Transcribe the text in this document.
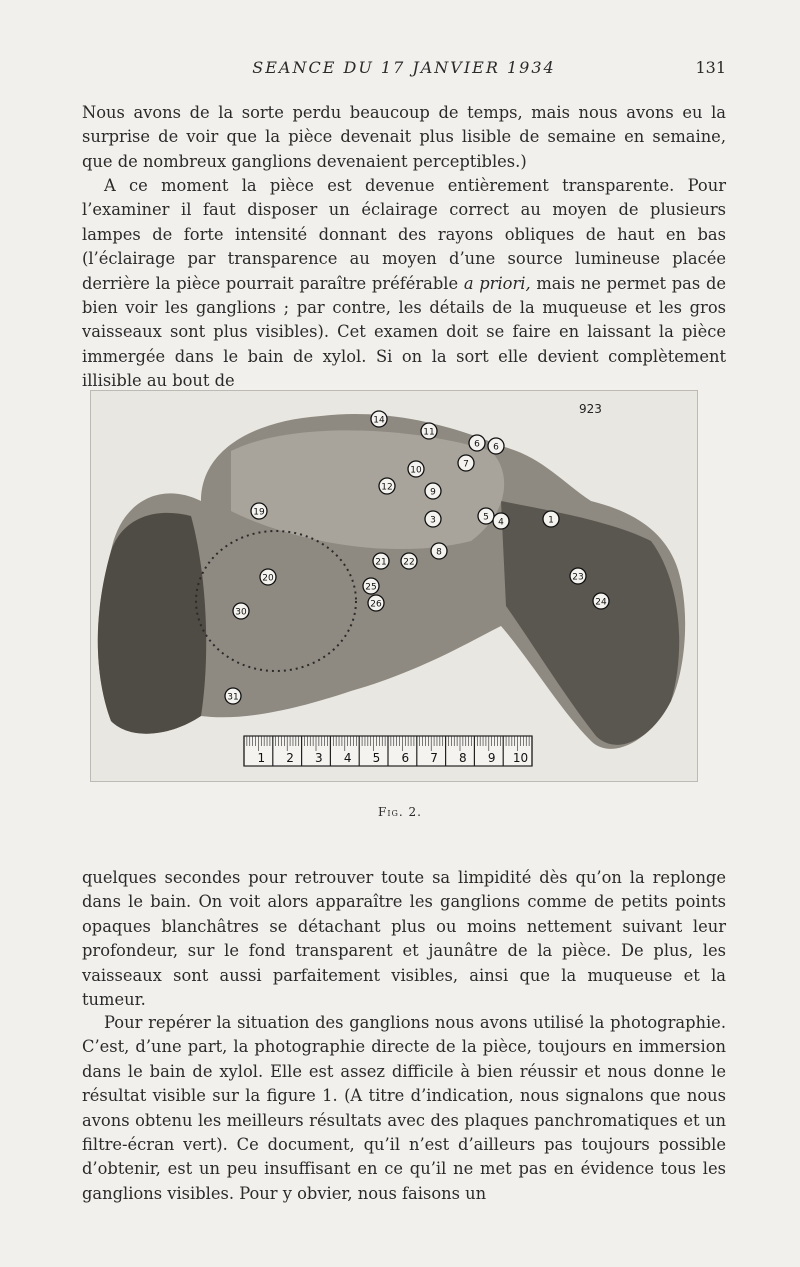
SEANCE DU 17 JANVIER 1934	131

Nous avons de la sorte perdu beaucoup de temps, mais nous avons eu la surprise de voir que la pièce devenait plus lisible de semaine en semaine, que de nombreux ganglions devenaient perceptibles.)

A ce moment la pièce est devenue entièrement transparente. Pour l’examiner il faut disposer un éclairage correct au moyen de plusieurs lampes de forte intensité donnant des rayons obliques de haut en bas (l’éclairage par transparence au moyen d’une source lumineuse placée derrière la pièce pourrait paraître préférable a priori, mais ne permet pas de bien voir les ganglions ; par contre, les détails de la muqueuse et les gros vaisseaux sont plus visibles). Cet examen doit se faire en laissant la pièce immergée dans le bain de xylol. Si on la sort elle devient complètement illisible au bout de

1 2 3 4 5 6 7 8 9 10
923
14
11
6 6
7
10
9
12
8
5
3	1
4
19
23
24
30
20
21 22
25
26
31
Fig. 2.

quelques secondes pour retrouver toute sa limpidité dès qu’on la replonge dans le bain. On voit alors apparaître les ganglions comme de petits points opaques blanchâtres se détachant plus ou moins nettement suivant leur profondeur, sur le fond transparent et jaunâtre de la pièce. De plus, les vaisseaux sont aussi parfaitement visibles, ainsi que la muqueuse et la tumeur.

Pour repérer la situation des ganglions nous avons utilisé la photographie. C’est, d’une part, la photographie directe de la pièce, toujours en immersion dans le bain de xylol. Elle est assez difficile à bien réussir et nous donne le résultat visible sur la figure 1. (A titre d’indication, nous signalons que nous avons obtenu les meilleurs résultats avec des plaques panchromatiques et un filtre-écran vert). Ce document, qu’il n’est d’ailleurs pas toujours possible d’obtenir, est un peu insuffisant en ce qu’il ne met pas en évidence tous les ganglions visibles. Pour y obvier, nous faisons un
